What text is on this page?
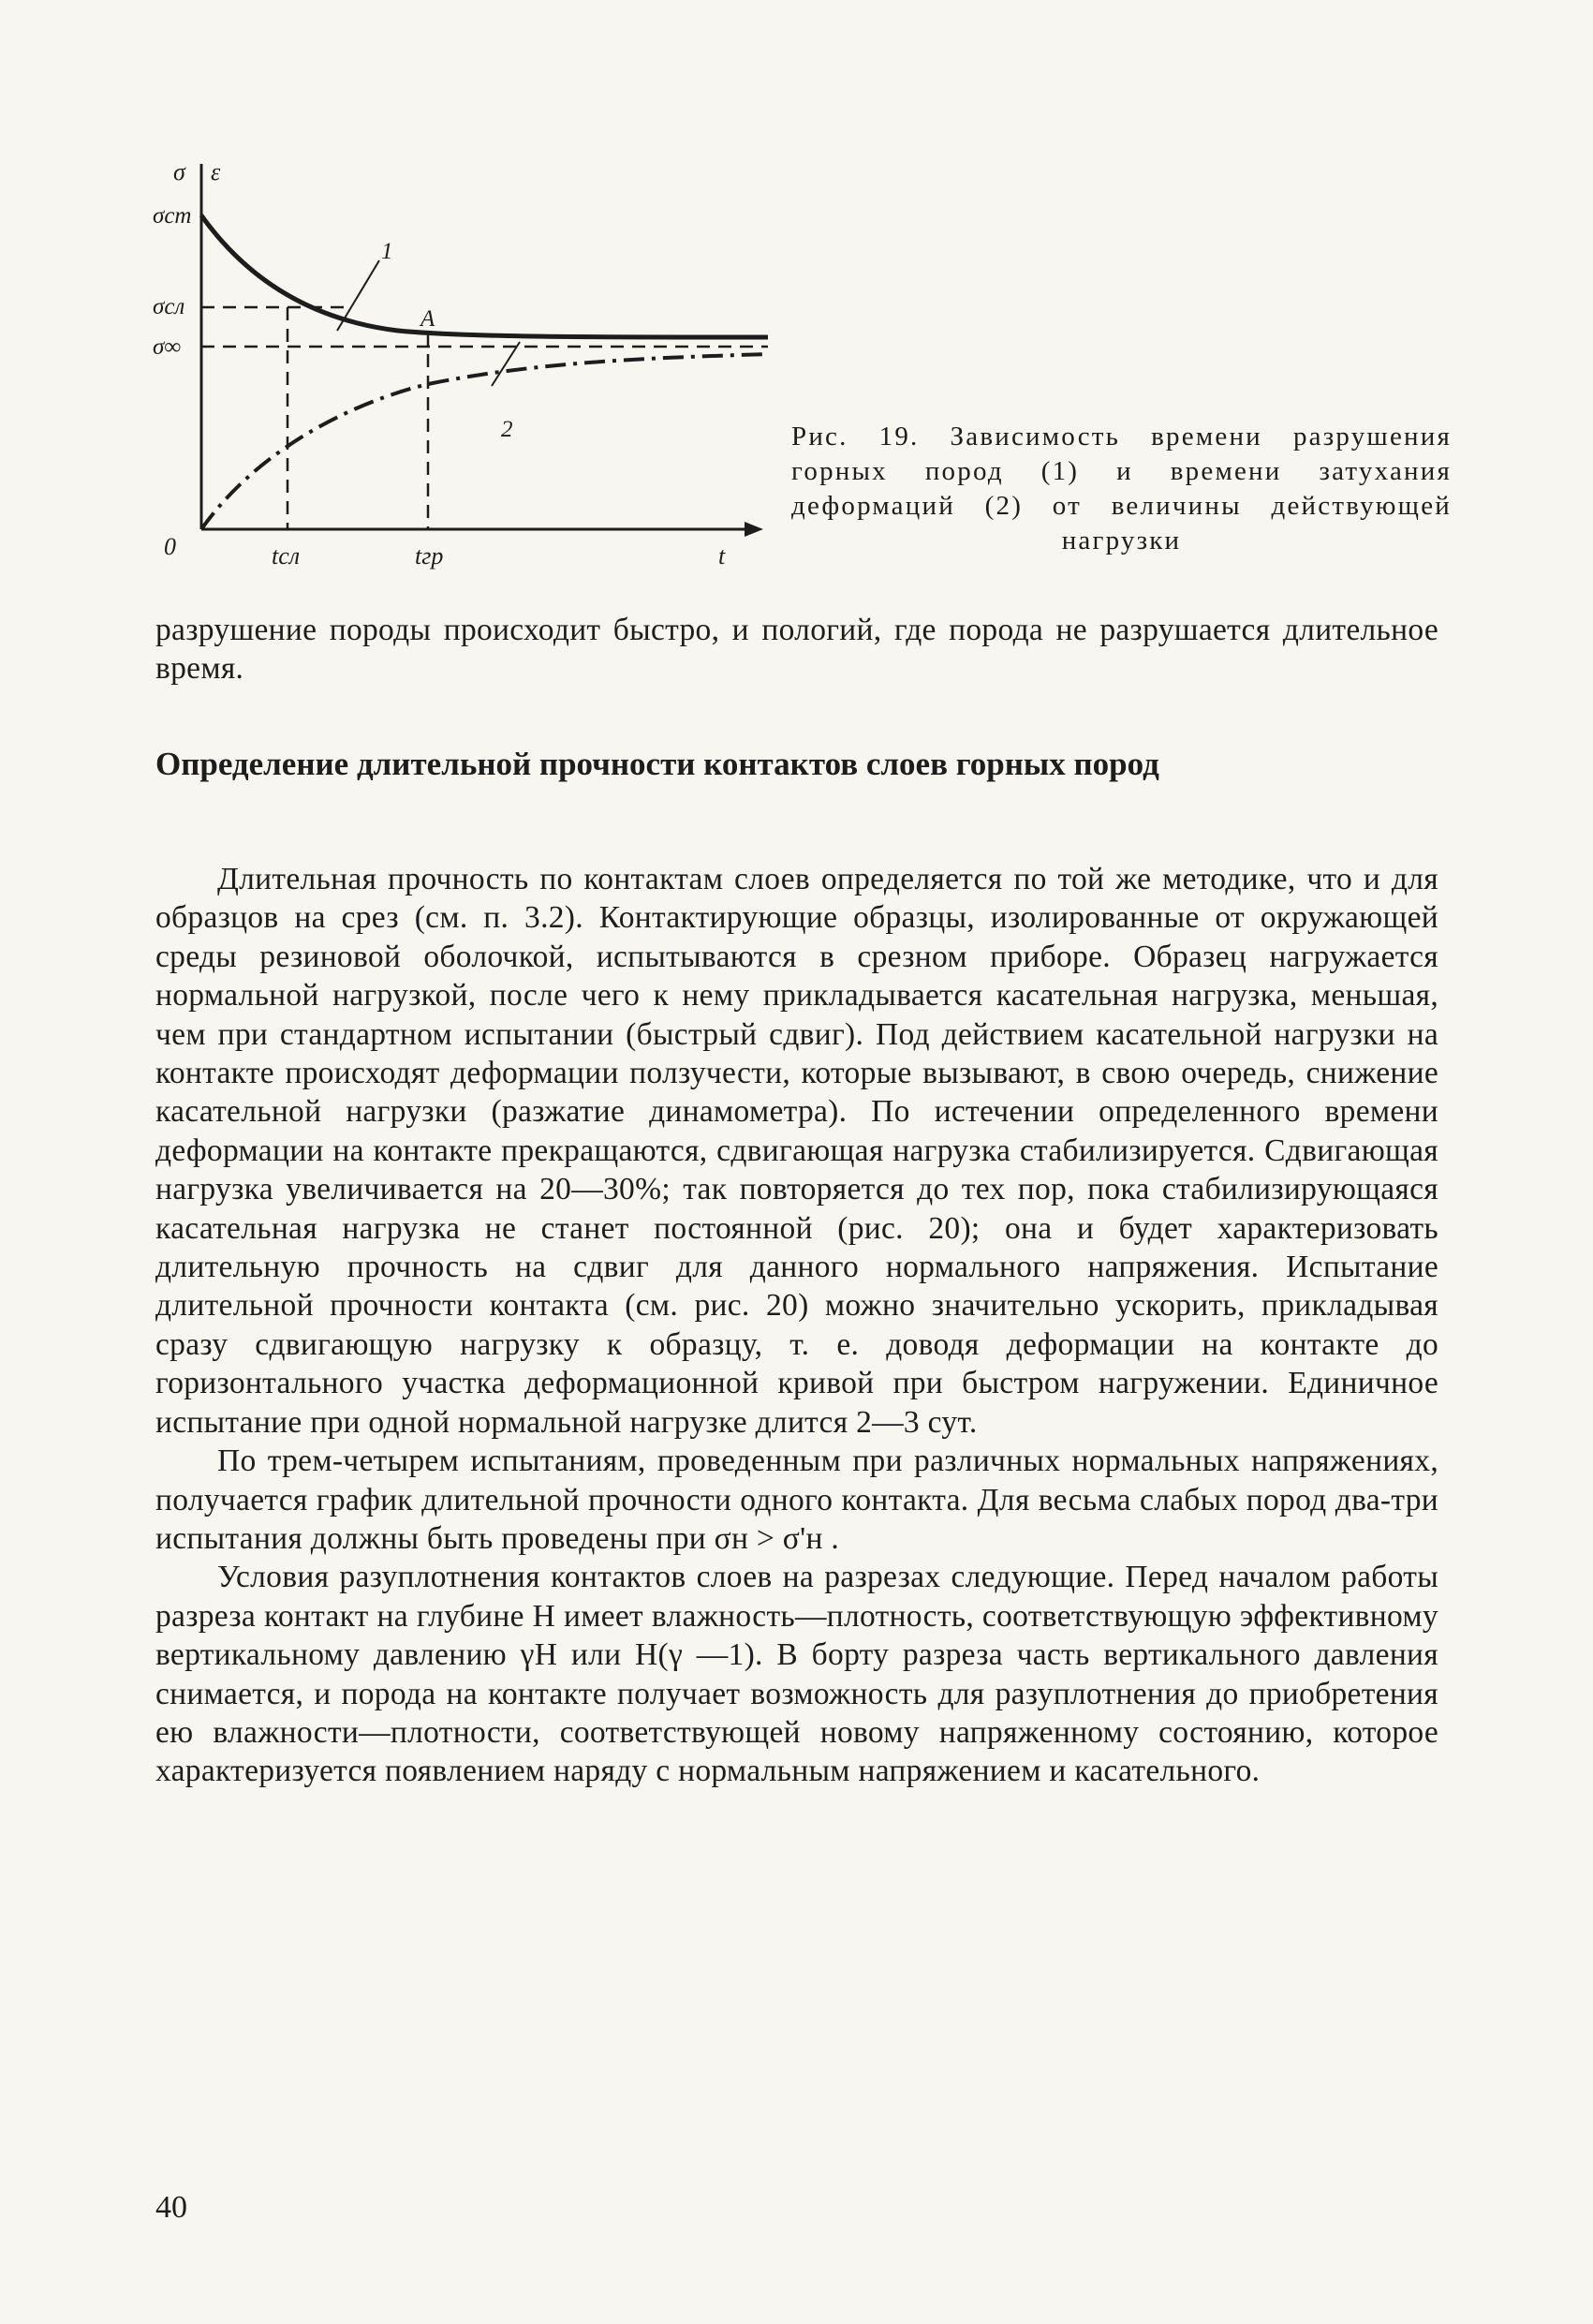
σ ε
σст
σсл
σ∞
0	tсл	tгр	t
1
A
2	Рис. 19. Зависимость времени разрушения горных пород (1) и времени затухания деформаций (2) от величины действующей нагрузки

разрушение породы происходит быстро, и пологий, где порода не разрушается длительное время.

Определение длительной прочности контактов слоев горных пород

Длительная прочность по контактам слоев определяется по той же методике, что и для образцов на срез (см. п. 3.2). Контактирующие образцы, изолированные от окружающей среды резиновой оболочкой, испытываются в срезном приборе. Образец нагружается нормальной нагрузкой, после чего к нему прикладывается касательная нагрузка, меньшая, чем при стандартном испытании (быстрый сдвиг). Под действием касательной нагрузки на контакте происходят деформации ползучести, которые вызывают, в свою очередь, снижение касательной нагрузки (разжатие динамометра). По истечении определенного времени деформации на контакте прекращаются, сдвигающая нагрузка стабилизируется. Сдвигающая нагрузка увеличивается на 20—30%; так повторяется до тех пор, пока стабилизирующаяся касательная нагрузка не станет постоянной (рис. 20); она и будет характеризовать длительную прочность на сдвиг для данного нормального напряжения. Испытание длительной прочности контакта (см. рис. 20) можно значительно ускорить, прикладывая сразу сдвигающую нагрузку к образцу, т. е. доводя деформации на контакте до горизонтального участка деформационной кривой при быстром нагружении. Единичное испытание при одной нормальной нагрузке длится 2—3 сут.

По трем-четырем испытаниям, проведенным при различных нормальных напряжениях, получается график длительной прочности одного контакта. Для весьма слабых пород два-три испытания должны быть проведены при σн > σ'н .

Условия разуплотнения контактов слоев на разрезах следующие. Перед началом работы разреза контакт на глубине H имеет влажность—плотность, соответствующую эффективному вертикальному давлению γH или H(γ —1). В борту разреза часть вертикального давления снимается, и порода на контакте получает возможность для разуплотнения до приобретения ею влажности—плотности, соответствующей новому напряженному состоянию, которое характеризуется появлением наряду с нормальным напряжением и касательного.

40
